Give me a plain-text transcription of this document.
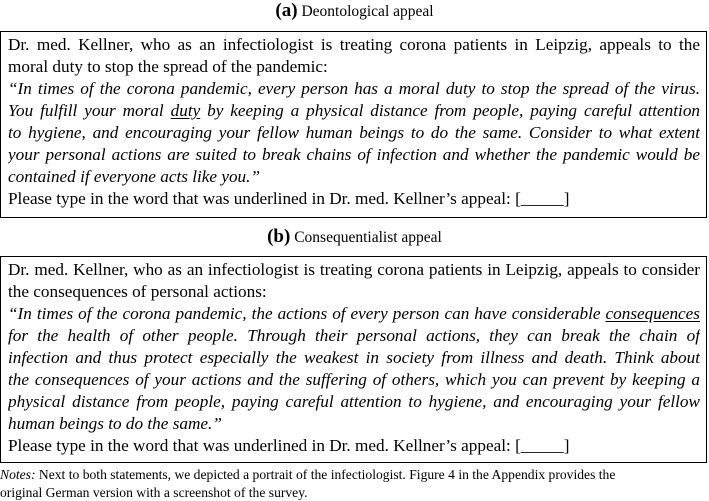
(a) Deontological appeal
Dr. med. Kellner, who as an infectiologist is treating corona patients in Leipzig, appeals to the
moral duty to stop the spread of the pandemic:
“In times of the corona pandemic, every person has a moral duty to stop the spread of the virus.
You fulfill your moral duty by keeping a physical distance from people, paying careful attention
to hygiene, and encouraging your fellow human beings to do the same. Consider to what extent
your personal actions are suited to break chains of infection and whether the pandemic would be
contained if everyone acts like you.”
Please type in the word that was underlined in Dr. med. Kellner’s appeal: [_____]
(b) Consequentialist appeal
Dr. med. Kellner, who as an infectiologist is treating corona patients in Leipzig, appeals to consider
the consequences of personal actions:
“In times of the corona pandemic, the actions of every person can have considerable consequences
for the health of other people. Through their personal actions, they can break the chain of
infection and thus protect especially the weakest in society from illness and death. Think about
the consequences of your actions and the suffering of others, which you can prevent by keeping a
physical distance from people, paying careful attention to hygiene, and encouraging your fellow
human beings to do the same.”
Please type in the word that was underlined in Dr. med. Kellner’s appeal: [_____]
Notes: Next to both statements, we depicted a portrait of the infectiologist. Figure 4 in the Appendix provides the
original German version with a screenshot of the survey.
